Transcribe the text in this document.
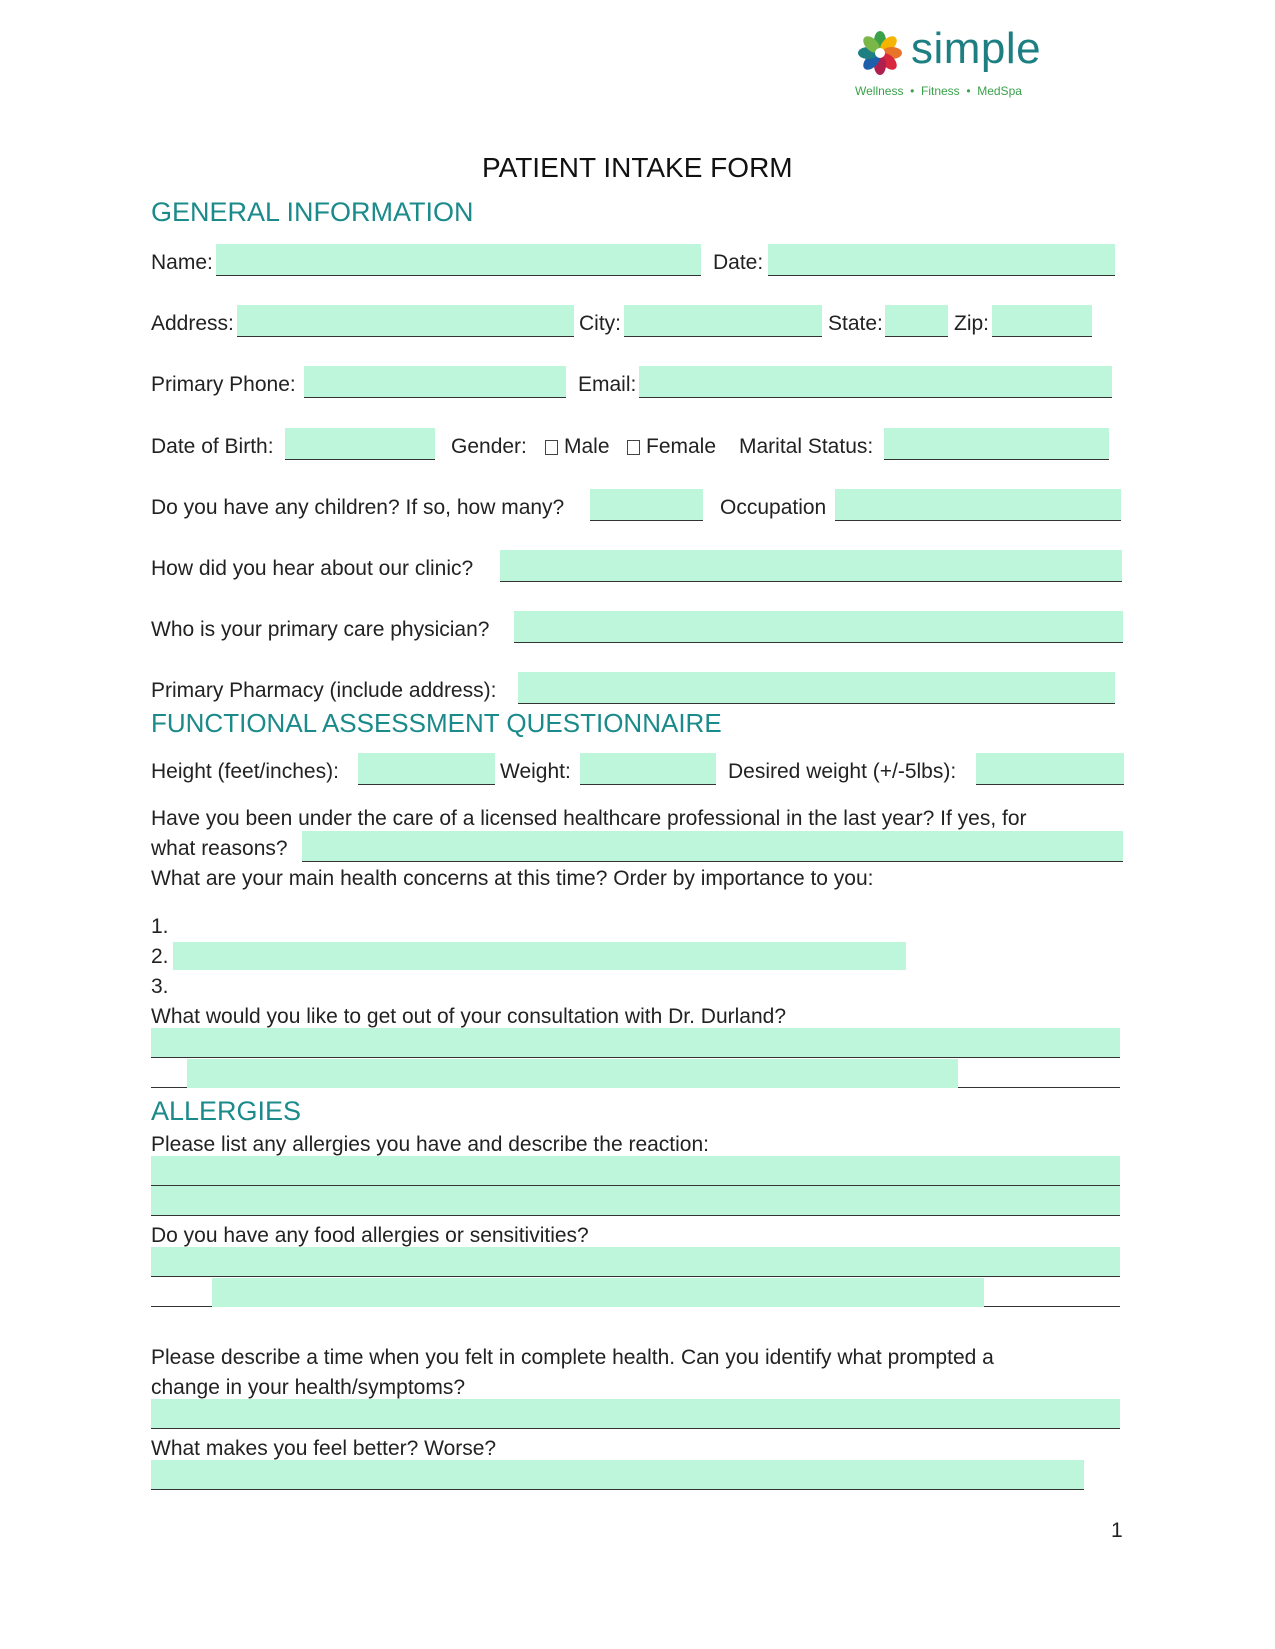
simple
Wellness  •  Fitness  •  MedSpa
PATIENT INTAKE FORM
GENERAL INFORMATION
Name:	Date:
Address:	City:	State:	Zip:
Primary Phone:	Email:
Date of Birth:	Gender:	Male	Female Marital Status:
Do you have any children? If so, how many?	Occupation
How did you hear about our clinic?
Who is your primary care physician?
Primary Pharmacy (include address):
FUNCTIONAL ASSESSMENT QUESTIONNAIRE
Height (feet/inches):	Weight:	Desired weight (+/-5lbs):
Have you been under the care of a licensed healthcare professional in the last year? If yes, for
what reasons?
What are your main health concerns at this time? Order by importance to you:
1.
2.
3.
What would you like to get out of your consultation with Dr. Durland?
ALLERGIES
Please list any allergies you have and describe the reaction:
Do you have any food allergies or sensitivities?
Please describe a time when you felt in complete health. Can you identify what prompted a
change in your health/symptoms?
What makes you feel better? Worse?
1
